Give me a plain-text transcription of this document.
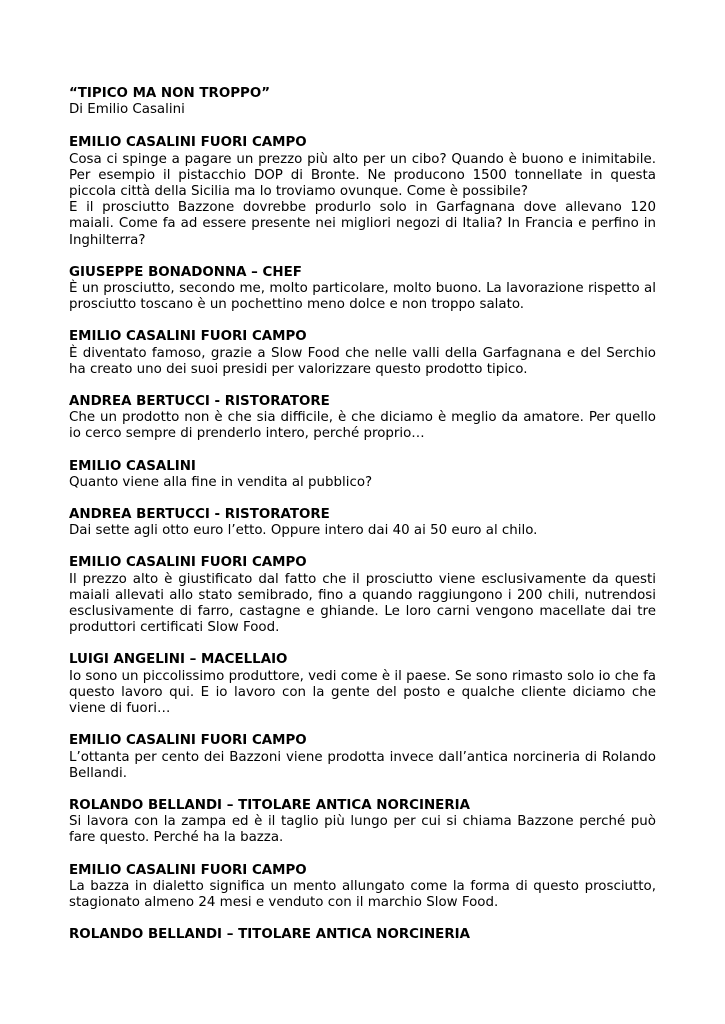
“TIPICO MA NON TROPPO”
Di Emilio Casalini
EMILIO CASALINI FUORI CAMPO

Cosa ci spinge a pagare un prezzo più alto per un cibo? Quando è buono e inimitabile. Per esempio il pistacchio DOP di Bronte. Ne producono 1500 tonnellate in questa piccola città della Sicilia ma lo troviamo ovunque. Come è possibile?

E il prosciutto Bazzone dovrebbe produrlo solo in Garfagnana dove allevano 120 maiali. Come fa ad essere presente nei migliori negozi di Italia? In Francia e perfino in Inghilterra?

GIUSEPPE BONADONNA – CHEF

È un prosciutto, secondo me, molto particolare, molto buono. La lavorazione rispetto al prosciutto toscano è un pochettino meno dolce e non troppo salato.

EMILIO CASALINI FUORI CAMPO

È diventato famoso, grazie a Slow Food che nelle valli della Garfagnana e del Serchio ha creato uno dei suoi presidi per valorizzare questo prodotto tipico.

ANDREA BERTUCCI - RISTORATORE

Che un prodotto non è che sia difficile, è che diciamo è meglio da amatore. Per quello io cerco sempre di prenderlo intero, perché proprio…

EMILIO CASALINI

Quanto viene alla fine in vendita al pubblico?

ANDREA BERTUCCI - RISTORATORE

Dai sette agli otto euro l’etto. Oppure intero dai 40 ai 50 euro al chilo.

EMILIO CASALINI FUORI CAMPO

Il prezzo alto è giustificato dal fatto che il prosciutto viene esclusivamente da questi maiali allevati allo stato semibrado, fino a quando raggiungono i 200 chili, nutrendosi esclusivamente di farro, castagne e ghiande. Le loro carni vengono macellate dai tre produttori certificati Slow Food.

LUIGI ANGELINI – MACELLAIO

Io sono un piccolissimo produttore, vedi come è il paese. Se sono rimasto solo io che fa questo lavoro qui. E io lavoro con la gente del posto e qualche cliente diciamo che viene di fuori…

EMILIO CASALINI FUORI CAMPO

L’ottanta per cento dei Bazzoni viene prodotta invece dall’antica norcineria di Rolando Bellandi.

ROLANDO BELLANDI – TITOLARE ANTICA NORCINERIA

Si lavora con la zampa ed è il taglio più lungo per cui si chiama Bazzone perché può fare questo. Perché ha la bazza.

EMILIO CASALINI FUORI CAMPO

La bazza in dialetto significa un mento allungato come la forma di questo prosciutto, stagionato almeno 24 mesi e venduto con il marchio Slow Food.

ROLANDO BELLANDI – TITOLARE ANTICA NORCINERIA
